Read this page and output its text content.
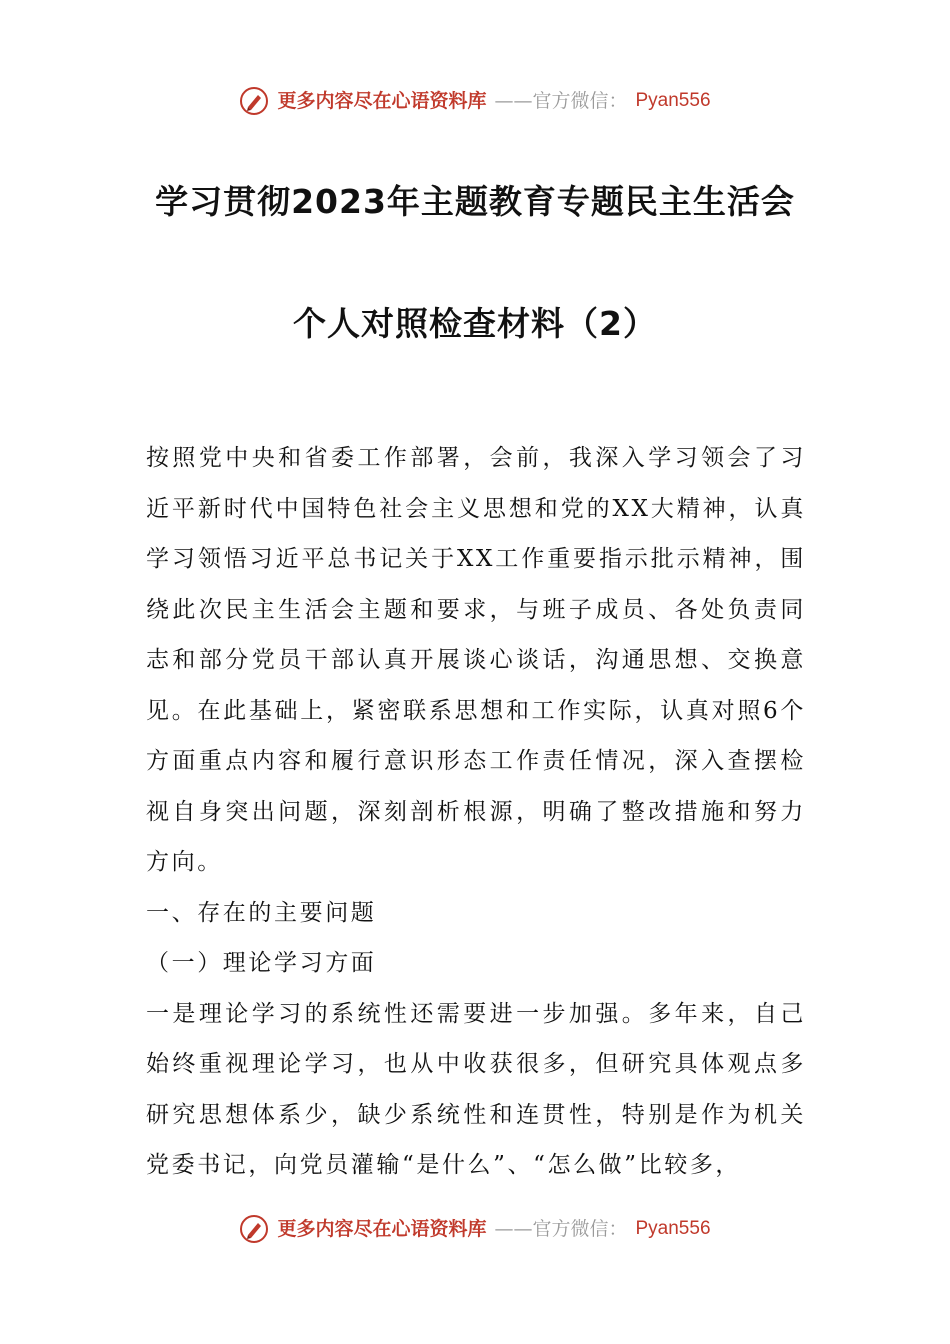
更多内容尽在心语资料库 ——官方微信： Pyan556
学习贯彻2023年主题教育专题民主生活会
个人对照检查材料（2）

按照党中央和省委工作部署，会前，我深入学习领会了习近平新时代中国特色社会主义思想和党的XX大精神，认真学习领悟习近平总书记关于XX工作重要指示批示精神，围绕此次民主生活会主题和要求，与班子成员、各处负责同志和部分党员干部认真开展谈心谈话，沟通思想、交换意见。在此基础上，紧密联系思想和工作实际，认真对照6个方面重点内容和履行意识形态工作责任情况，深入查摆检视自身突出问题，深刻剖析根源，明确了整改措施和努力方向。

一、存在的主要问题

（一）理论学习方面

一是理论学习的系统性还需要进一步加强。多年来，自己始终重视理论学习，也从中收获很多，但研究具体观点多研究思想体系少，缺少系统性和连贯性，特别是作为机关党委书记，向党员灌输“是什么”、“怎么做”比较多，

更多内容尽在心语资料库 ——官方微信： Pyan556
